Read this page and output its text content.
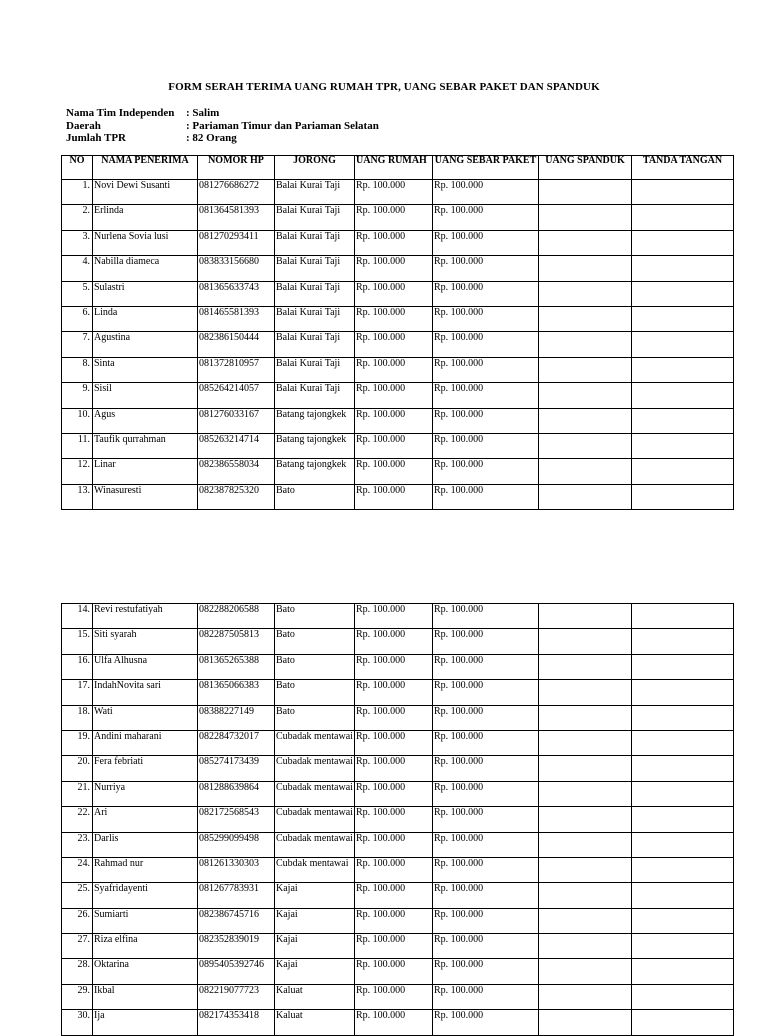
FORM SERAH TERIMA UANG RUMAH TPR, UANG SEBAR PAKET DAN SPANDUK
Nama Tim Independen	: Salim
Daerah	: Pariaman Timur dan Pariaman Selatan
Jumlah TPR	: 82 Orang
NO	NAMA PENERIMA	NOMOR HP	JORONG	UANG RUMAH	UANG SEBAR PAKET	UANG SPANDUK	TANDA TANGAN
1.	Novi Dewi Susanti	081276686272	Balai Kurai Taji	Rp. 100.000	Rp. 100.000		
2.	Erlinda	081364581393	Balai Kurai Taji	Rp. 100.000	Rp. 100.000		
3.	Nurlena Sovia lusi	081270293411	Balai Kurai Taji	Rp. 100.000	Rp. 100.000		
4.	Nabilla diameca	083833156680	Balai Kurai Taji	Rp. 100.000	Rp. 100.000		
5.	Sulastri	081365633743	Balai Kurai Taji	Rp. 100.000	Rp. 100.000		
6.	Linda	081465581393	Balai Kurai Taji	Rp. 100.000	Rp. 100.000		
7.	Agustina	082386150444	Balai Kurai Taji	Rp. 100.000	Rp. 100.000		
8.	Sinta	081372810957	Balai Kurai Taji	Rp. 100.000	Rp. 100.000		
9.	Sisil	085264214057	Balai Kurai Taji	Rp. 100.000	Rp. 100.000		
10.	Agus	081276033167	Batang tajongkek	Rp. 100.000	Rp. 100.000		
11.	Taufik qurrahman	085263214714	Batang tajongkek	Rp. 100.000	Rp. 100.000		
12.	Linar	082386558034	Batang tajongkek	Rp. 100.000	Rp. 100.000		
13.	Winasuresti	082387825320	Bato	Rp. 100.000	Rp. 100.000		
14.	Revi restufatiyah	082288206588	Bato	Rp. 100.000	Rp. 100.000		
15.	Siti syarah	082287505813	Bato	Rp. 100.000	Rp. 100.000		
16.	Ulfa Alhusna	081365265388	Bato	Rp. 100.000	Rp. 100.000		
17.	IndahNovita sari	081365066383	Bato	Rp. 100.000	Rp. 100.000		
18.	Wati	08388227149	Bato	Rp. 100.000	Rp. 100.000		
19.	Andini maharani	082284732017	Cubadak mentawai	Rp. 100.000	Rp. 100.000		
20.	Fera febriati	085274173439	Cubadak mentawai	Rp. 100.000	Rp. 100.000		
21.	Nurriya	081288639864	Cubadak mentawai	Rp. 100.000	Rp. 100.000		
22.	Ari	082172568543	Cubadak mentawai	Rp. 100.000	Rp. 100.000		
23.	Darlis	085299099498	Cubadak mentawai	Rp. 100.000	Rp. 100.000		
24.	Rahmad nur	081261330303	Cubdak mentawai	Rp. 100.000	Rp. 100.000		
25.	Syafridayenti	081267783931	Kajai	Rp. 100.000	Rp. 100.000		
26.	Sumiarti	082386745716	Kajai	Rp. 100.000	Rp. 100.000		
27.	Riza elfina	082352839019	Kajai	Rp. 100.000	Rp. 100.000		
28.	Oktarina	0895405392746	Kajai	Rp. 100.000	Rp. 100.000		
29.	Ikbal	082219077723	Kaluat	Rp. 100.000	Rp. 100.000		
30.	Ija	082174353418	Kaluat	Rp. 100.000	Rp. 100.000		
